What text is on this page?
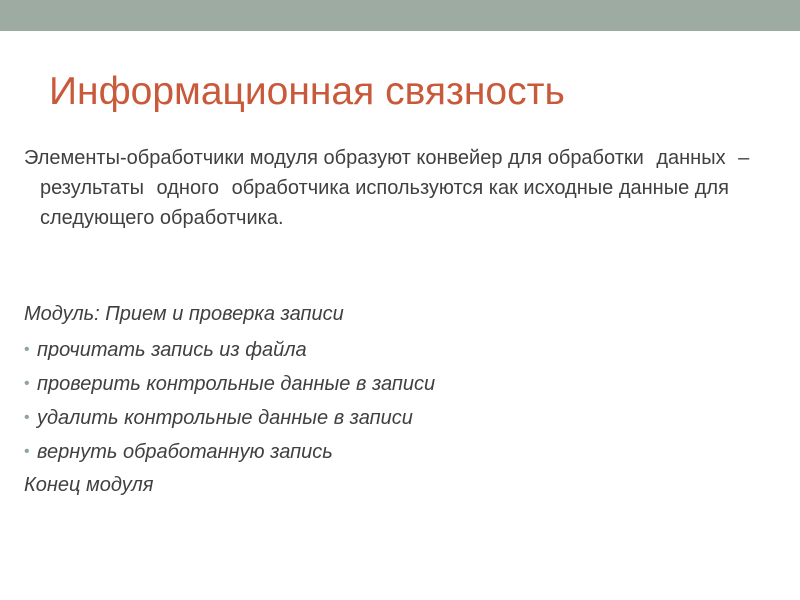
Информационная связность

Элементы-обработчики модуля образуют конвейер для обработки данных – результаты одного обработчика используются как исходные данные для следующего обработчика.

Модуль: Прием и проверка записи

• прочитать запись из файла
• проверить контрольные данные в записи
• удалить контрольные данные в записи
• вернуть обработанную запись

Конец модуля
